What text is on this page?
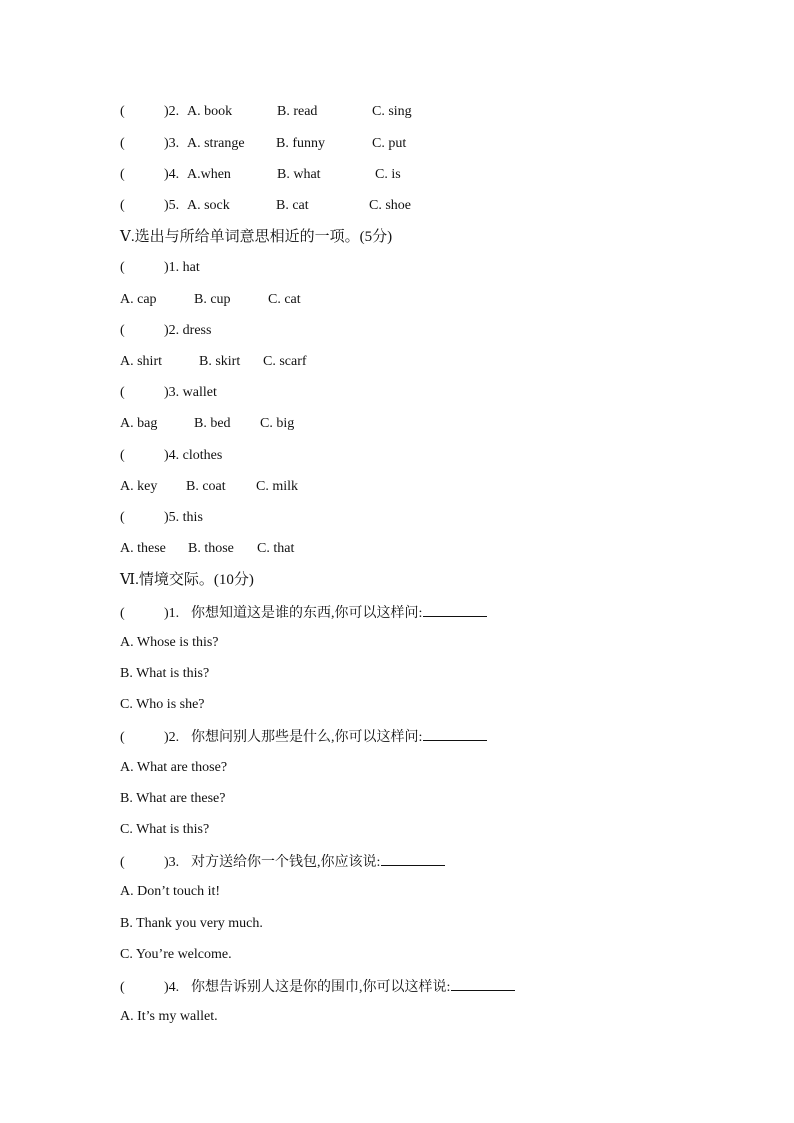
(	)2. A. book	B. read	C. sing
(	)3. A. strange	B. funny	C. put
(	)4. A.when	B. what	C. is
(	)5. A. sock	B. cat	C. shoe
Ⅴ.选出与所给单词意思相近的一项。(5分)
(	)1. hat
A. cap	B. cup	C. cat
(	)2. dress
A. shirt	B. skirt	C. scarf
(	)3. wallet
A. bag	B. bed	C. big
(	)4. clothes
A. key	B. coat	C. milk
(	)5. this
A. these	B. those	C. that
Ⅵ.情境交际。(10分)
(	)1. 你想知道这是谁的东西,你可以这样问:
A. Whose is this?
B. What is this?
C. Who is she?
(	)2. 你想问别人那些是什么,你可以这样问:
A. What are those?
B. What are these?
C. What is this?
(	)3. 对方送给你一个钱包,你应该说:
A. Don’t touch it!
B. Thank you very much.
C. You’re welcome.
(	)4. 你想告诉别人这是你的围巾,你可以这样说:
A. It’s my wallet.
